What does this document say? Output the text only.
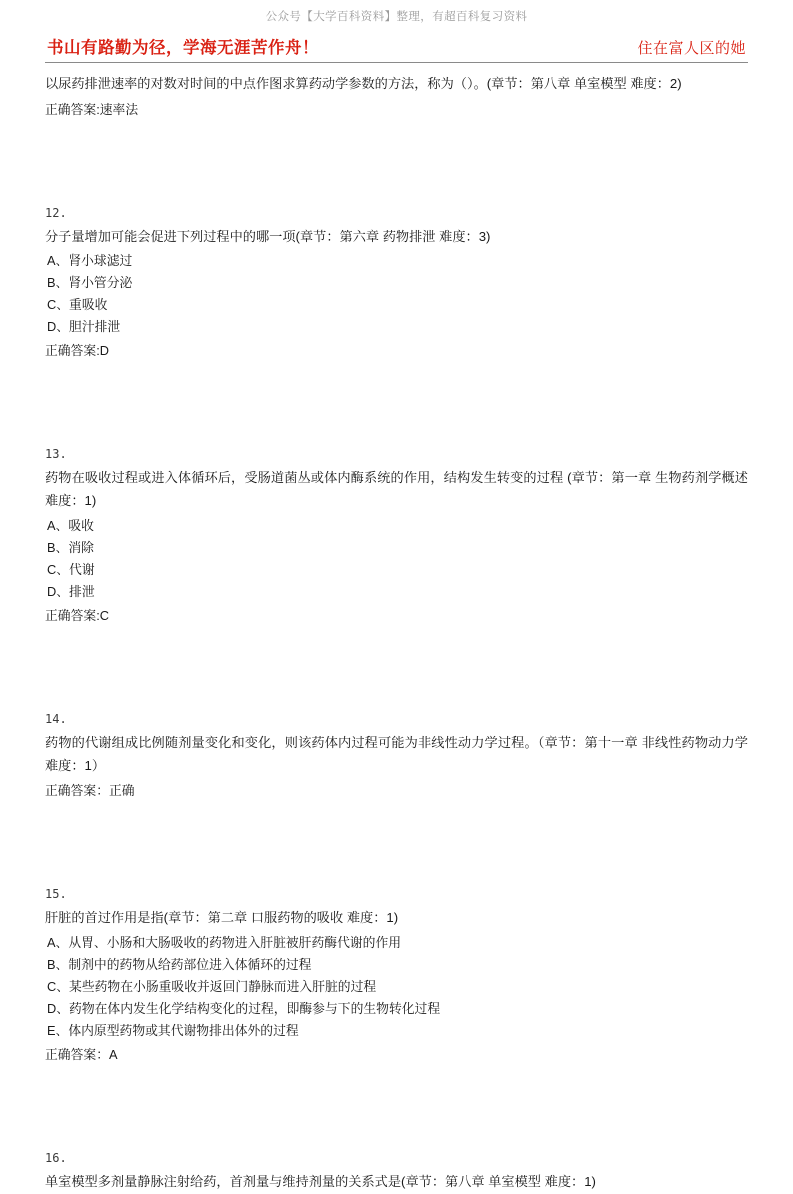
公众号【大学百科资料】整理，有超百科复习资料
书山有路勤为径，学海无涯苦作舟！	住在富人区的她
以尿药排泄速率的对数对时间的中点作图求算药动学参数的方法，称为（）。(章节：第八章 单室模型 难度：2)
正确答案:速率法
12.
分子量增加可能会促进下列过程中的哪一项(章节：第六章 药物排泄 难度：3)
A、肾小球滤过
B、肾小管分泌
C、重吸收
D、胆汁排泄
正确答案:D
13.
药物在吸收过程或进入体循环后，受肠道菌丛或体内酶系统的作用，结构发生转变的过程 (章节：第一章 生物药剂学概述 难度：1)
A、吸收
B、消除
C、代谢
D、排泄
正确答案:C
14.
药物的代谢组成比例随剂量变化和变化，则该药体内过程可能为非线性动力学过程。（章节：第十一章 非线性药物动力学难度：1）
正确答案：正确
15.
肝脏的首过作用是指(章节：第二章 口服药物的吸收 难度：1)
A、从胃、小肠和大肠吸收的药物进入肝脏被肝药酶代谢的作用
B、制剂中的药物从给药部位进入体循环的过程
C、某些药物在小肠重吸收并返回门静脉而进入肝脏的过程
D、药物在体内发生化学结构变化的过程，即酶参与下的生物转化过程
E、体内原型药物或其代谢物排出体外的过程
正确答案：A
16.
单室模型多剂量静脉注射给药，首剂量与维持剂量的关系式是(章节：第八章 单室模型 难度：1)
